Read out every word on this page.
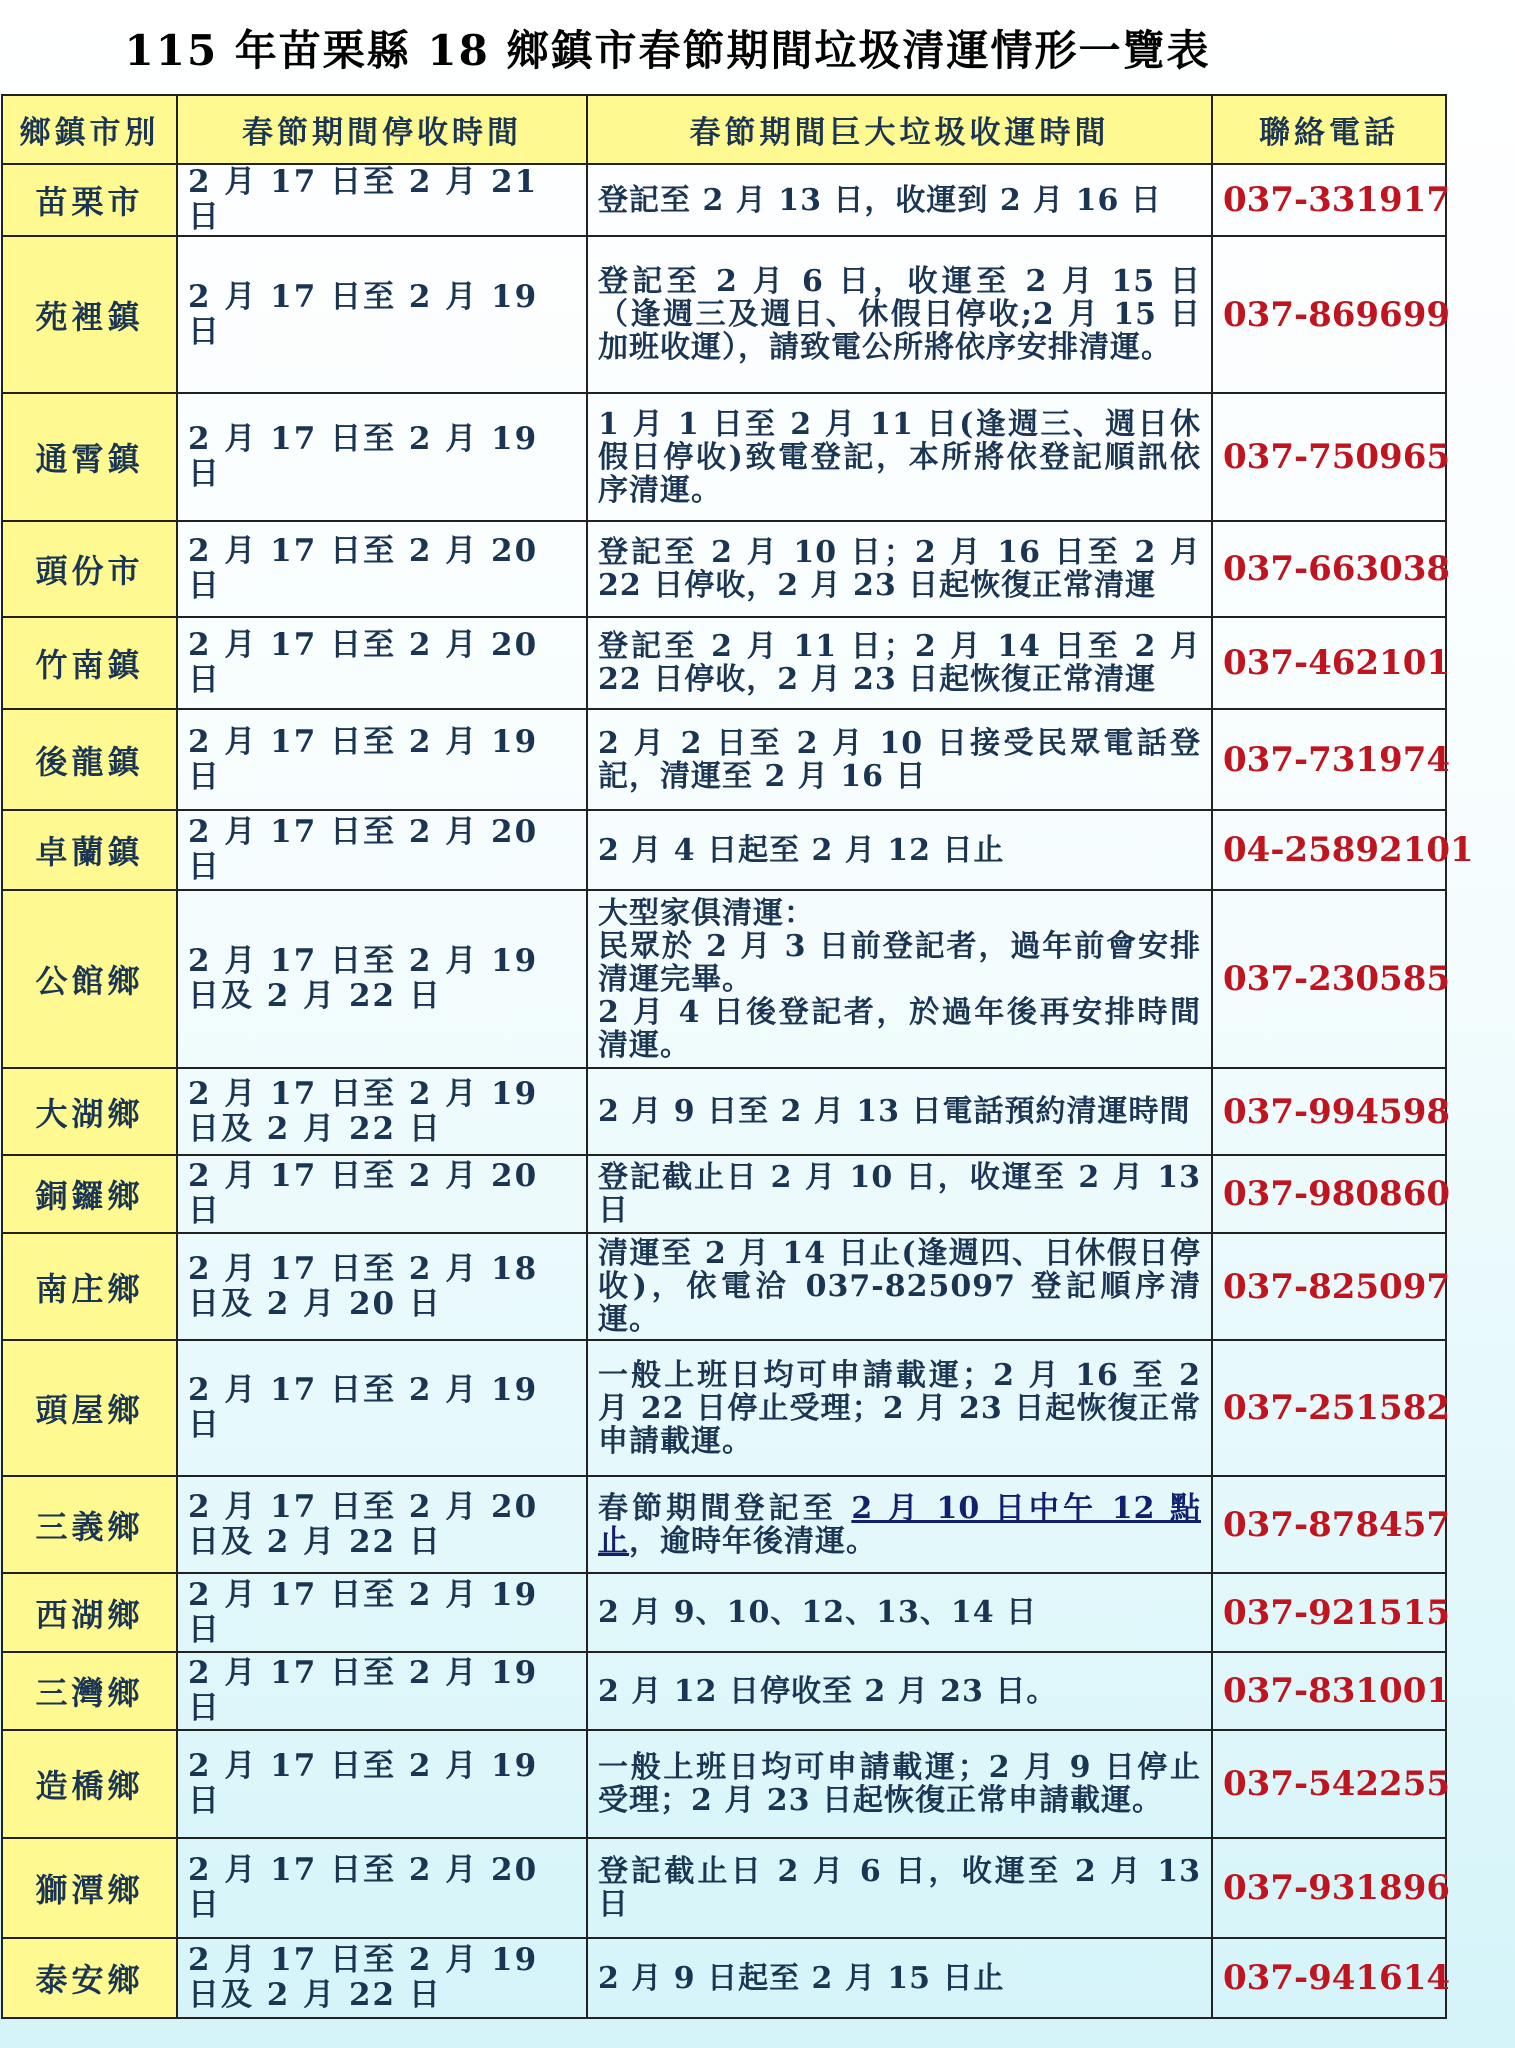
115 年苗栗縣 18 鄉鎮市春節期間垃圾清運情形一覽表
鄉鎮市別	春節期間停收時間	春節期間巨大垃圾收運時間	聯絡電話
苗栗市	2 月 17 日至 2 月 21 日	登記至 2 月 13 日，收運到 2 月 16 日	037-331917
苑裡鎮	2 月 17 日至 2 月 19 日	登記至 2 月 6 日，收運至 2 月 15 日（逢週三及週日、休假日停收;2 月 15 日加班收運），請致電公所將依序安排清運。	037-869699
通霄鎮	2 月 17 日至 2 月 19 日	1 月 1 日至 2 月 11 日(逢週三、週日休假日停收)致電登記，本所將依登記順訊依序清運。	037-750965
頭份市	2 月 17 日至 2 月 20 日	登記至 2 月 10 日；2 月 16 日至 2 月 22 日停收，2 月 23 日起恢復正常清運	037-663038
竹南鎮	2 月 17 日至 2 月 20 日	登記至 2 月 11 日；2 月 14 日至 2 月 22 日停收，2 月 23 日起恢復正常清運	037-462101
後龍鎮	2 月 17 日至 2 月 19 日	2 月 2 日至 2 月 10 日接受民眾電話登記，清運至 2 月 16 日	037-731974
卓蘭鎮	2 月 17 日至 2 月 20 日	2 月 4 日起至 2 月 12 日止	04-25892101
公館鄉	2 月 17 日至 2 月 19 日及 2 月 22 日	大型家俱清運：
民眾於 2 月 3 日前登記者，過年前會安排清運完畢。
2 月 4 日後登記者，於過年後再安排時間清運。	037-230585
大湖鄉	2 月 17 日至 2 月 19 日及 2 月 22 日	2 月 9 日至 2 月 13 日電話預約清運時間	037-994598
銅鑼鄉	2 月 17 日至 2 月 20 日	登記截止日 2 月 10 日，收運至 2 月 13 日	037-980860
南庄鄉	2 月 17 日至 2 月 18 日及 2 月 20 日	清運至 2 月 14 日止(逢週四、日休假日停收)，依電洽 037-825097 登記順序清運。	037-825097
頭屋鄉	2 月 17 日至 2 月 19 日	一般上班日均可申請載運；2 月 16 至 2 月 22 日停止受理；2 月 23 日起恢復正常申請載運。	037-251582
三義鄉	2 月 17 日至 2 月 20 日及 2 月 22 日	春節期間登記至 2 月 10 日中午 12 點止，逾時年後清運。	037-878457
西湖鄉	2 月 17 日至 2 月 19 日	2 月 9、10、12、13、14 日	037-921515
三灣鄉	2 月 17 日至 2 月 19 日	2 月 12 日停收至 2 月 23 日。	037-831001
造橋鄉	2 月 17 日至 2 月 19 日	一般上班日均可申請載運；2 月 9 日停止受理；2 月 23 日起恢復正常申請載運。	037-542255
獅潭鄉	2 月 17 日至 2 月 20 日	登記截止日 2 月 6 日，收運至 2 月 13 日	037-931896
泰安鄉	2 月 17 日至 2 月 19 日及 2 月 22 日	2 月 9 日起至 2 月 15 日止	037-941614
